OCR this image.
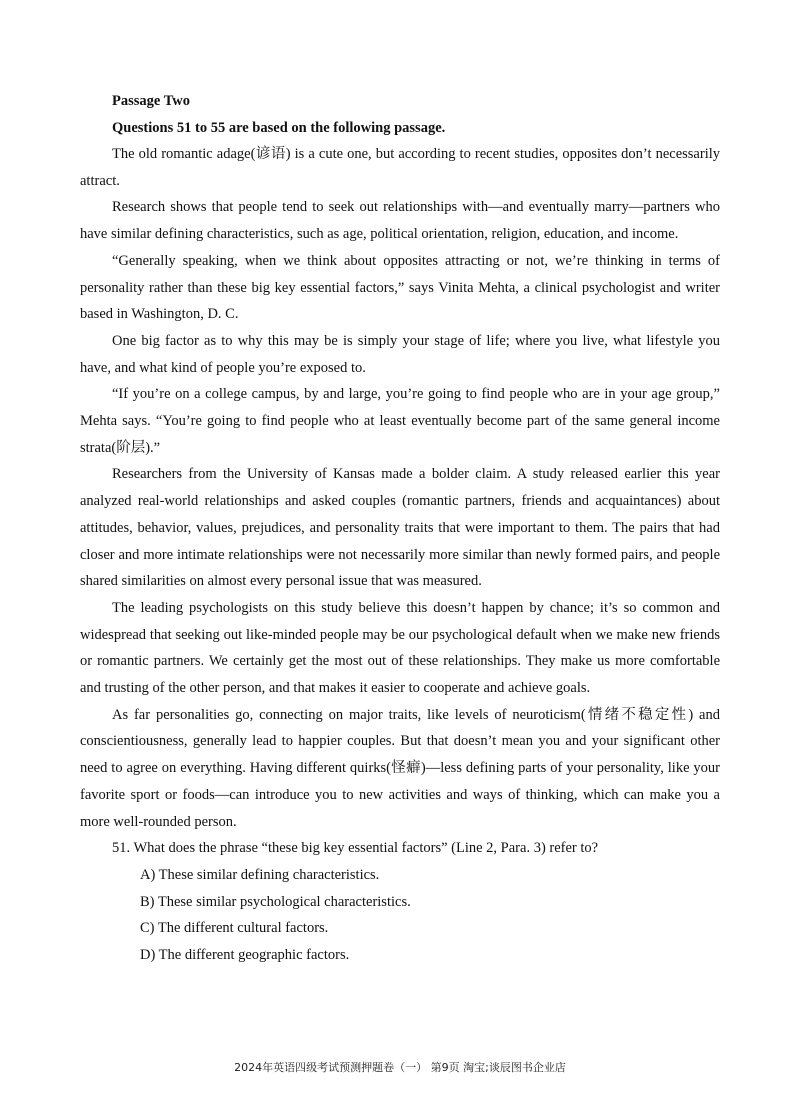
Passage Two

Questions 51 to 55 are based on the following passage.

The old romantic adage(谚语) is a cute one, but according to recent studies, opposites don’t necessarily attract.

Research shows that people tend to seek out relationships with—and eventually marry—partners who have similar defining characteristics, such as age, political orientation, religion, education, and income.

“Generally speaking, when we think about opposites attracting or not, we’re thinking in terms of personality rather than these big key essential factors,” says Vinita Mehta, a clinical psychologist and writer based in Washington, D. C.

One big factor as to why this may be is simply your stage of life; where you live, what lifestyle you have, and what kind of people you’re exposed to.

“If you’re on a college campus, by and large, you’re going to find people who are in your age group,” Mehta says. “You’re going to find people who at least eventually become part of the same general income strata(阶层).”

Researchers from the University of Kansas made a bolder claim. A study released earlier this year analyzed real-world relationships and asked couples (romantic partners, friends and acquaintances) about attitudes, behavior, values, prejudices, and personality traits that were important to them. The pairs that had closer and more intimate relationships were not necessarily more similar than newly formed pairs, and people shared similarities on almost every personal issue that was measured.

The leading psychologists on this study believe this doesn’t happen by chance; it’s so common and widespread that seeking out like-minded people may be our psychological default when we make new friends or romantic partners. We certainly get the most out of these relationships. They make us more comfortable and trusting of the other person, and that makes it easier to cooperate and achieve goals.

As far personalities go, connecting on major traits, like levels of neuroticism(情绪不稳定性) and conscientiousness, generally lead to happier couples. But that doesn’t mean you and your significant other need to agree on everything. Having different quirks(怪癖)—less defining parts of your personality, like your favorite sport or foods—can introduce you to new activities and ways of thinking, which can make you a more well-rounded person.

51. What does the phrase “these big key essential factors” (Line 2, Para. 3) refer to?

A) These similar defining characteristics.
B) These similar psychological characteristics.
C) The different cultural factors.
D) The different geographic factors.
2024年英语四级考试预测押题卷（一） 第9页 淘宝;谈辰图书企业店
